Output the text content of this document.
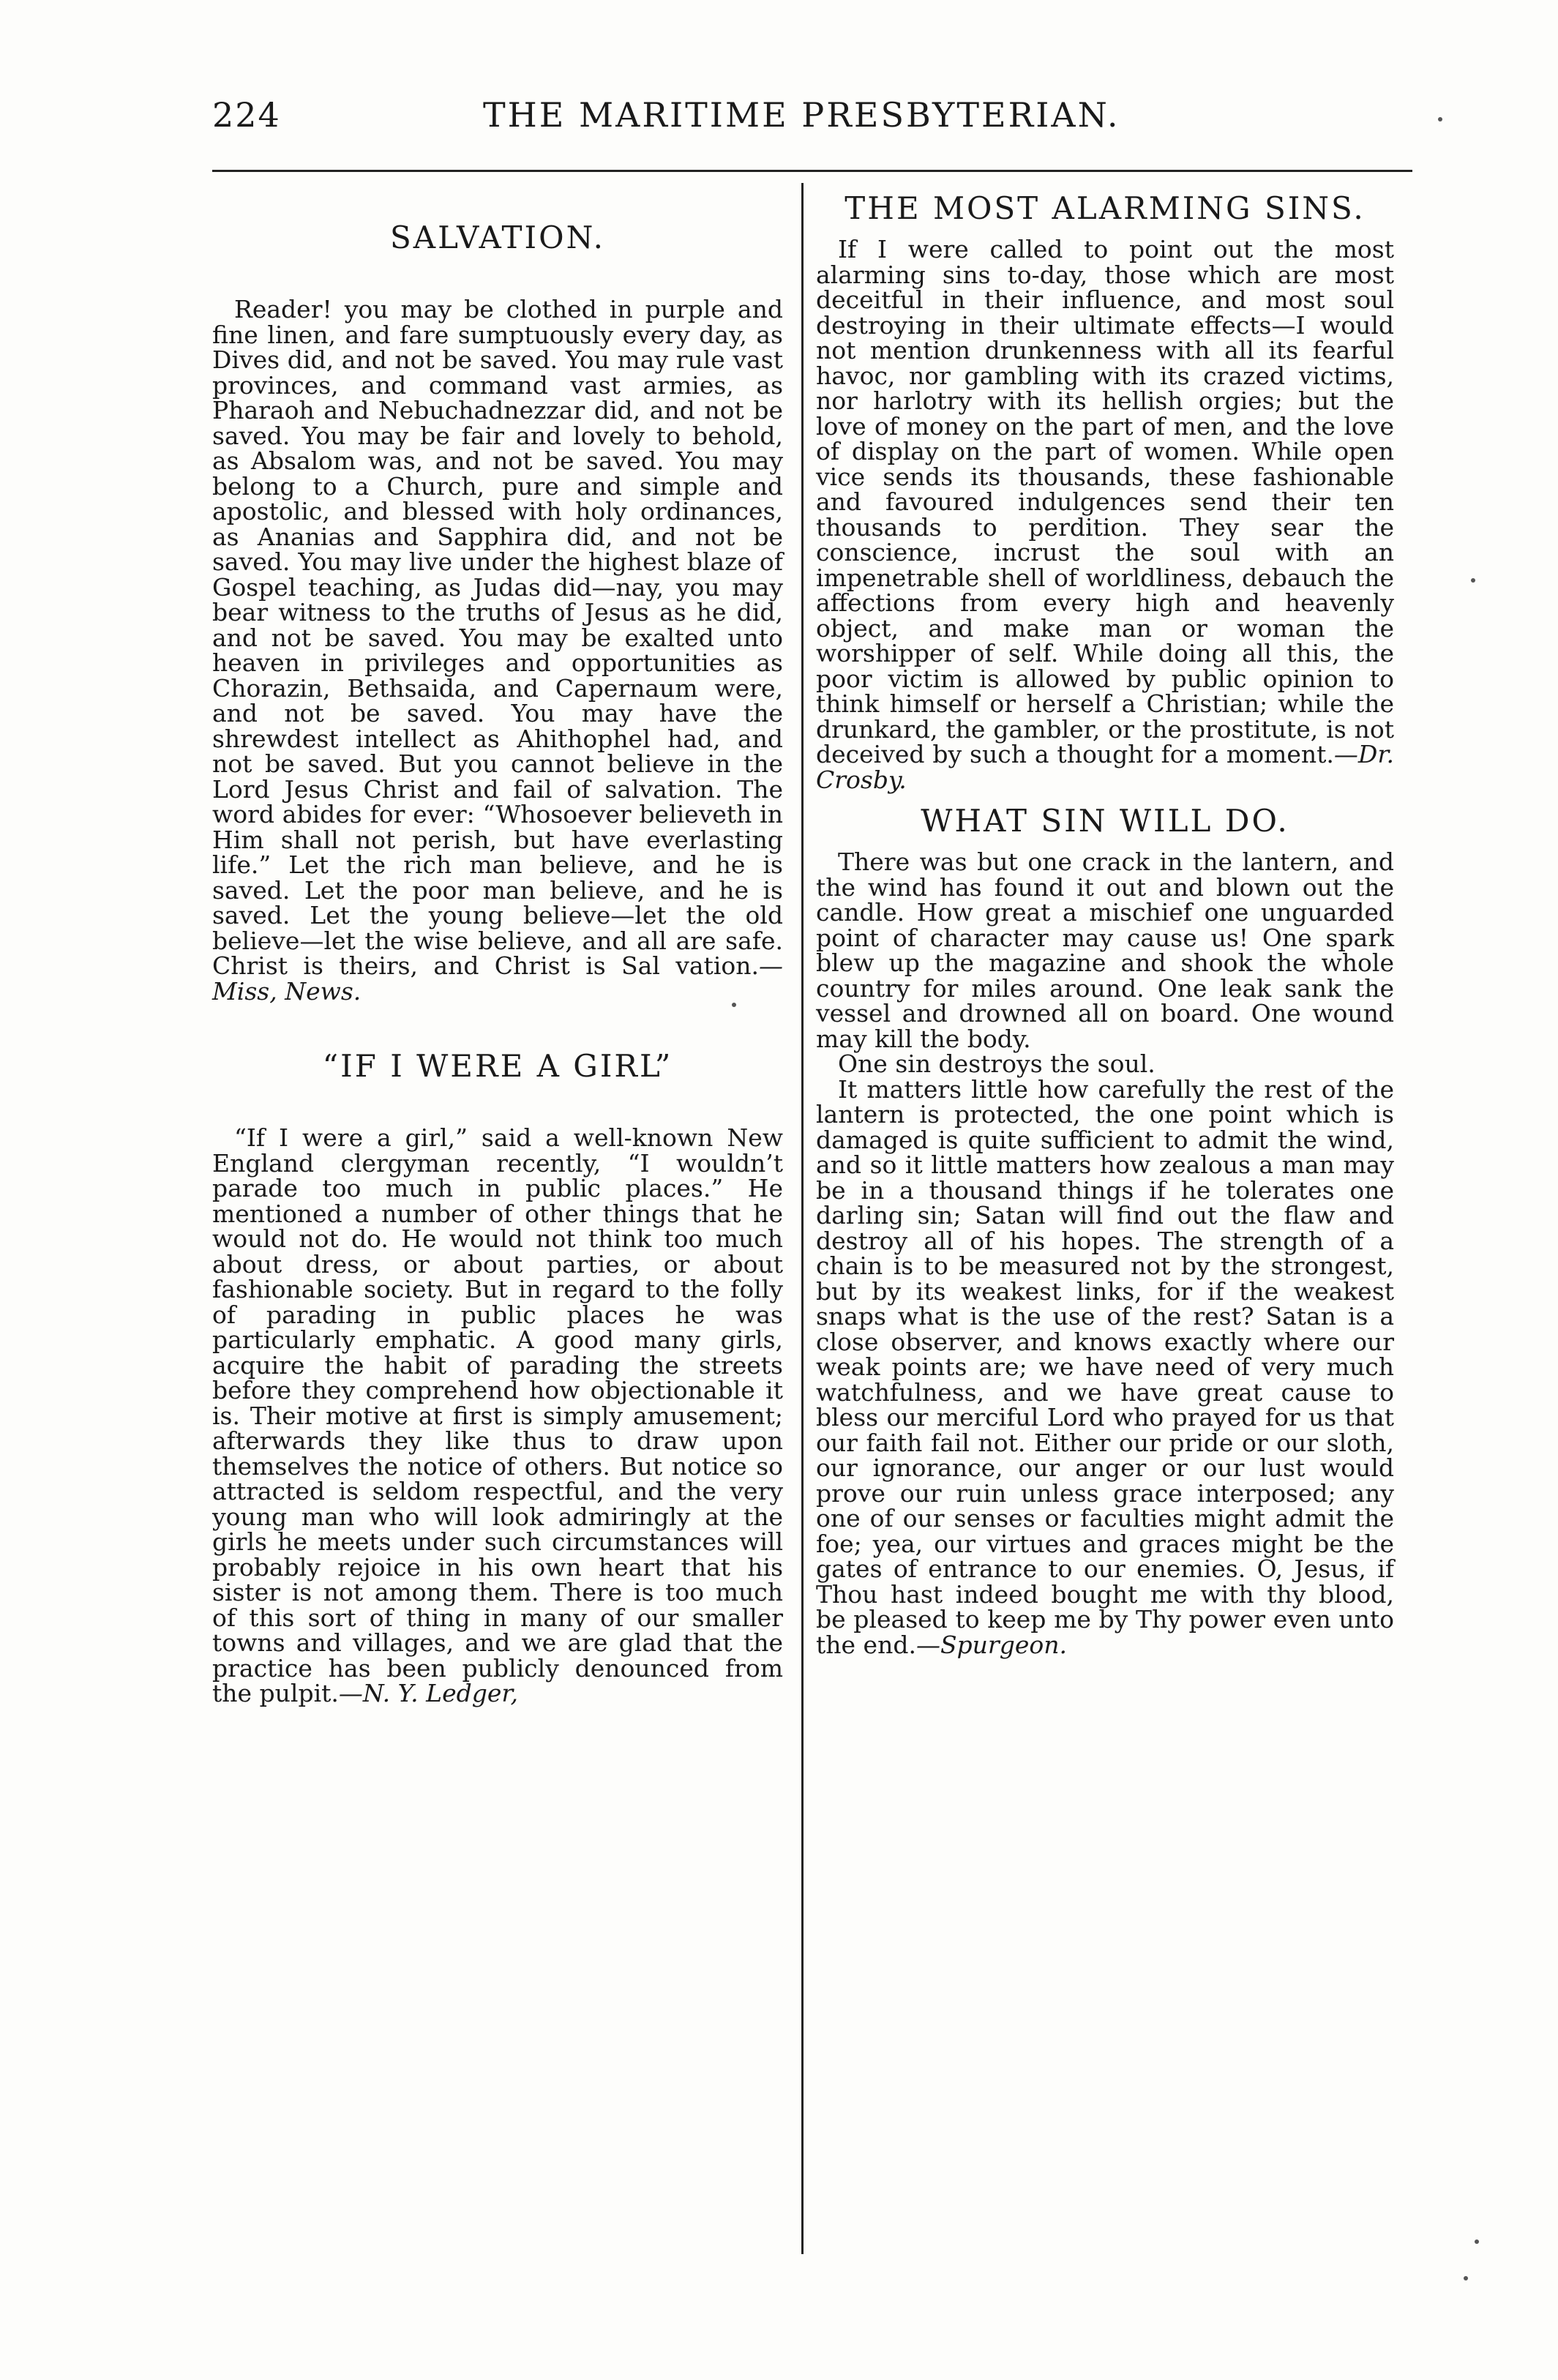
224	THE MARITIME PRESBYTERIAN.
SALVATION.

Reader! you may be clothed in purple and fine linen, and fare sumptuously every day, as Dives did, and not be saved. You may rule vast provinces, and command vast armies, as Pharaoh and Nebuchadnezzar did, and not be saved. You may be fair and lovely to behold, as Absalom was, and not be saved. You may belong to a Church, pure and simple and apostolic, and blessed with holy ordinances, as Ananias and Sapphira did, and not be saved. You may live under the highest blaze of Gospel teaching, as Judas did—nay, you may bear witness to the truths of Jesus as he did, and not be saved. You may be exalted unto heaven in privileges and opportunities as Chorazin, Bethsaida, and Capernaum were, and not be saved. You may have the shrewdest intellect as Ahithophel had, and not be saved. But you cannot believe in the Lord Jesus Christ and fail of salvation. The word abides for ever: “Whosoever believeth in Him shall not perish, but have everlasting life.” Let the rich man believe, and he is saved. Let the poor man believe, and he is saved. Let the young believe—let the old believe—let the wise believe, and all are safe. Christ is theirs, and Christ is Sal vation.—Miss, News.

“IF I WERE A GIRL”

“If I were a girl,” said a well-known New England clergyman recently, “I wouldn’t parade too much in public places.” He mentioned a number of other things that he would not do. He would not think too much about dress, or about parties, or about fashionable society. But in regard to the folly of parading in public places he was particularly emphatic. A good many girls, acquire the habit of parading the streets before they comprehend how objectionable it is. Their motive at first is simply amusement; afterwards they like thus to draw upon themselves the notice of others. But notice so attracted is seldom respectful, and the very young man who will look admiringly at the girls he meets under such circumstances will probably rejoice in his own heart that his sister is not among them. There is too much of this sort of thing in many of our smaller towns and villages, and we are glad that the practice has been publicly denounced from the pulpit.—N. Y. Ledger,

THE MOST ALARMING SINS.

If I were called to point out the most alarming sins to-day, those which are most deceitful in their influence, and most soul destroying in their ultimate effects—I would not mention drunkenness with all its fearful havoc, nor gambling with its crazed victims, nor harlotry with its hellish orgies; but the love of money on the part of men, and the love of display on the part of women. While open vice sends its thousands, these fashionable and favoured indulgences send their ten thousands to perdition. They sear the conscience, incrust the soul with an impenetrable shell of worldliness, debauch the affections from every high and heavenly object, and make man or woman the worshipper of self. While doing all this, the poor victim is allowed by public opinion to think himself or herself a Christian; while the drunkard, the gambler, or the prostitute, is not deceived by such a thought for a moment.—Dr. Crosby.

WHAT SIN WILL DO.

There was but one crack in the lantern, and the wind has found it out and blown out the candle. How great a mischief one unguarded point of character may cause us! One spark blew up the magazine and shook the whole country for miles around. One leak sank the vessel and drowned all on board. One wound may kill the body.

One sin destroys the soul.

It matters little how carefully the rest of the lantern is protected, the one point which is damaged is quite sufficient to admit the wind, and so it little matters how zealous a man may be in a thousand things if he tolerates one darling sin; Satan will find out the flaw and destroy all of his hopes. The strength of a chain is to be measured not by the strongest, but by its weakest links, for if the weakest snaps what is the use of the rest? Satan is a close observer, and knows exactly where our weak points are; we have need of very much watchfulness, and we have great cause to bless our merciful Lord who prayed for us that our faith fail not. Either our pride or our sloth, our ignorance, our anger or our lust would prove our ruin unless grace interposed; any one of our senses or faculties might admit the foe; yea, our virtues and graces might be the gates of entrance to our enemies. O, Jesus, if Thou hast indeed bought me with thy blood, be pleased to keep me by Thy power even unto the end.—Spurgeon.
